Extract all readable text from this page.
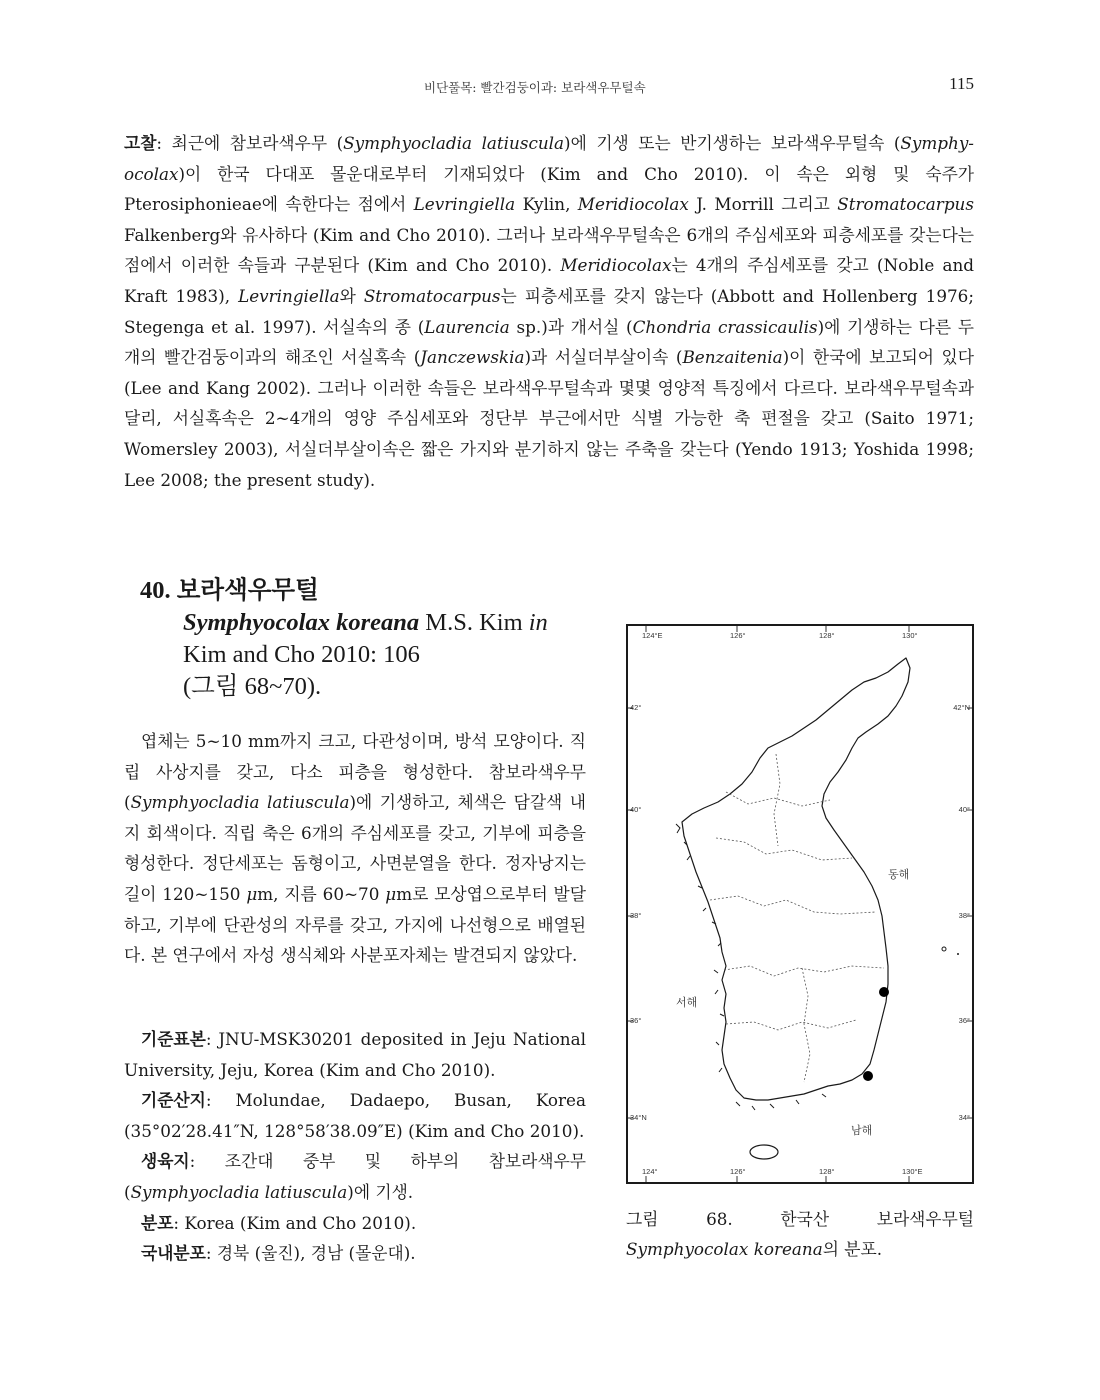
비단풀목: 빨간검둥이과: 보라색우무털속	115
고찰: 최근에 참보라색우무 (Symphyocladia latiuscula)에 기생 또는 반기생하는 보라색우무털속 (Symphy-ocolax)이 한국 다대포 몰운대로부터 기재되었다 (Kim and Cho 2010). 이 속은 외형 및 숙주가 Pterosiphonieae에 속한다는 점에서 Levringiella Kylin, Meridiocolax J. Morrill 그리고 Stromatocarpus Falkenberg와 유사하다 (Kim and Cho 2010). 그러나 보라색우무털속은 6개의 주심세포와 피층세포를 갖는다는 점에서 이러한 속들과 구분된다 (Kim and Cho 2010). Meridiocolax는 4개의 주심세포를 갖고 (Noble and Kraft 1983), Levringiella와 Stromatocarpus는 피층세포를 갖지 않는다 (Abbott and Hollenberg 1976; Stegenga et al. 1997). 서실속의 종 (Laurencia sp.)과 개서실 (Chondria crassicaulis)에 기생하는 다른 두 개의 빨간검둥이과의 해조인 서실혹속 (Janczewskia)과 서실더부살이속 (Benzaitenia)이 한국에 보고되어 있다 (Lee and Kang 2002). 그러나 이러한 속들은 보라색우무털속과 몇몇 영양적 특징에서 다르다. 보라색우무털속과 달리, 서실혹속은 2~4개의 영양 주심세포와 정단부 부근에서만 식별 가능한 축 편절을 갖고 (Saito 1971; Womersley 2003), 서실더부살이속은 짧은 가지와 분기하지 않는 주축을 갖는다 (Yendo 1913; Yoshida 1998; Lee 2008; the present study).
40. 보라색우무털
Symphyocolax koreana M.S. Kim in
Kim and Cho 2010: 106
(그림 68~70).
엽체는 5~10 mm까지 크고, 다관성이며, 방석 모양이다. 직립 사상지를 갖고, 다소 피층을 형성한다. 참보라색우무 (Symphyocladia latiuscula)에 기생하고, 체색은 담갈색 내지 회색이다. 직립 축은 6개의 주심세포를 갖고, 기부에 피층을 형성한다. 정단세포는 돔형이고, 사면분열을 한다. 정자낭지는 길이 120~150 μm, 지름 60~70 μm로 모상엽으로부터 발달하고, 기부에 단관성의 자루를 갖고, 가지에 나선형으로 배열된다. 본 연구에서 자성 생식체와 사분포자체는 발견되지 않았다.
기준표본: JNU-MSK30201 deposited in Jeju National University, Jeju, Korea (Kim and Cho 2010).
기준산지: Molundae, Dadaepo, Busan, Korea (35°02′28.41″N, 128°58′38.09″E) (Kim and Cho 2010).
생육지: 조간대 중부 및 하부의 참보라색우무 (Symphyocladia latiuscula)에 기생.
분포: Korea (Kim and Cho 2010).
국내분포: 경북 (울진), 경남 (몰운대).
124°E	126°	128°	130°
124°	126°	128°	130°E
42°
40°
38°
36°
34°N
42°N
40°
38°
36°
34°
동해
서해
남해
그림 68. 한국산 보라색우무털 Symphyocolax koreana의 분포.
